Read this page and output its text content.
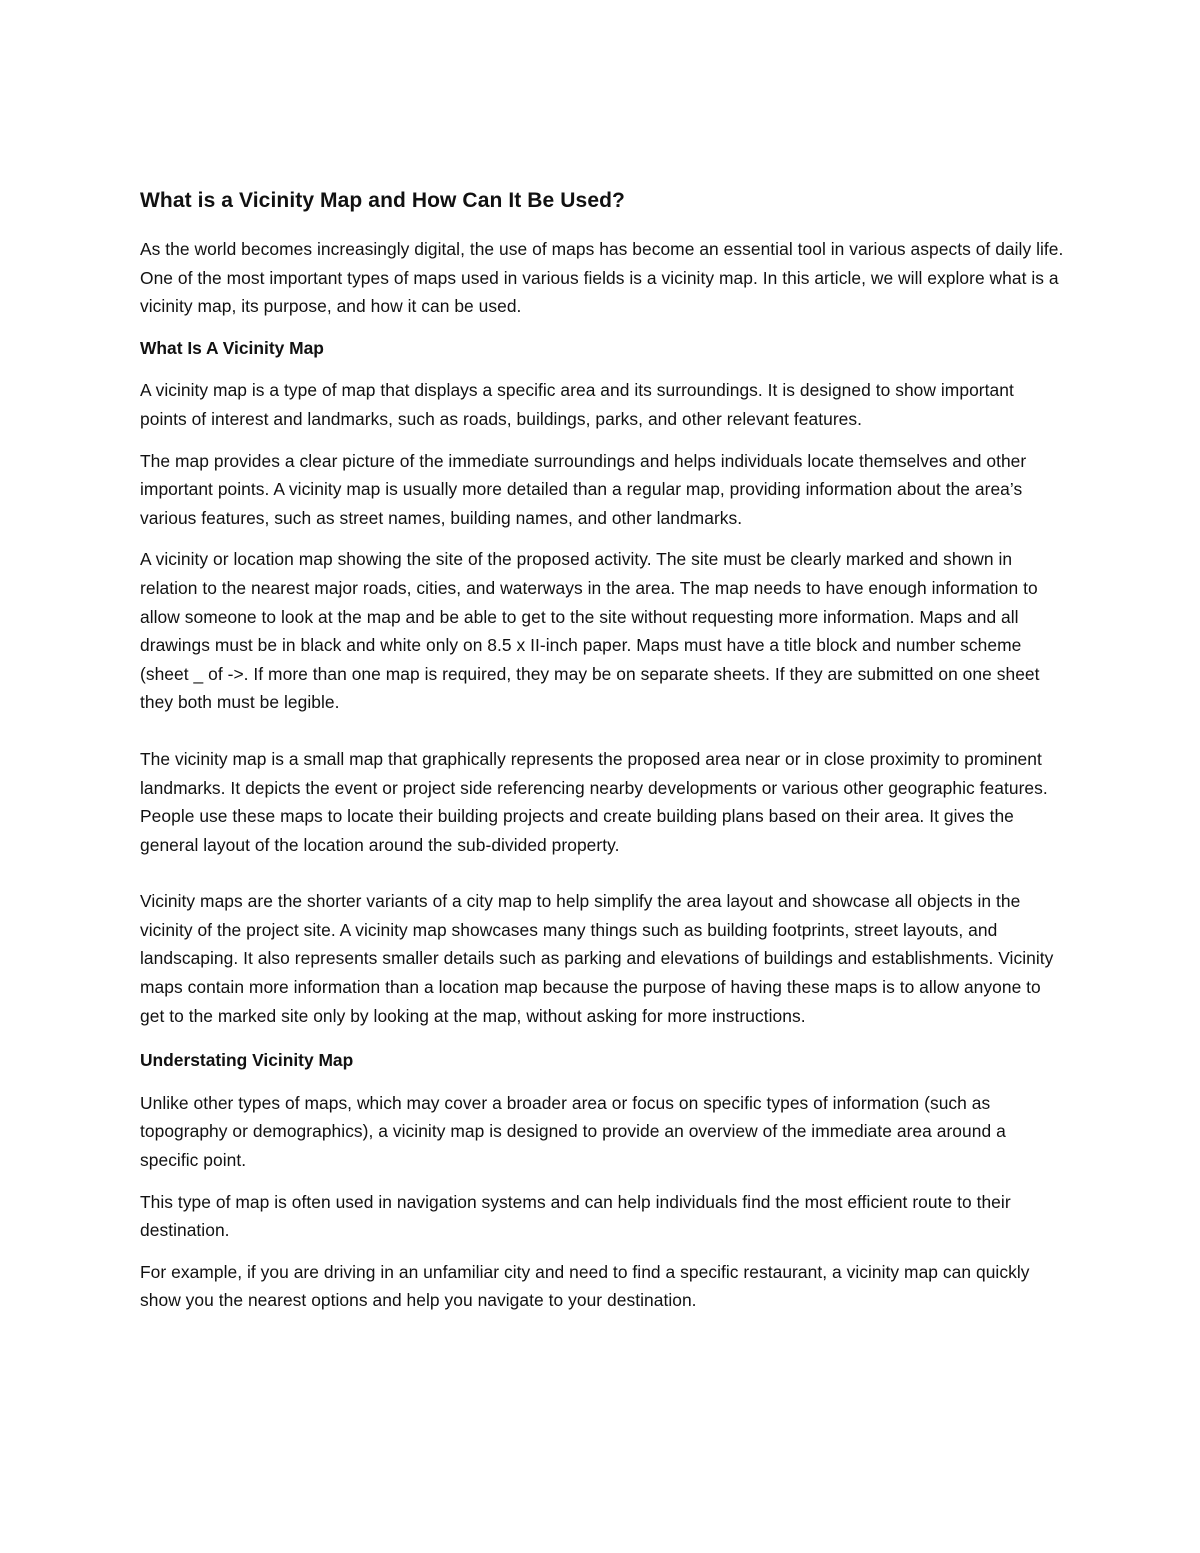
What is a Vicinity Map and How Can It Be Used?

As the world becomes increasingly digital, the use of maps has become an essential tool in various aspects of daily life. One of the most important types of maps used in various fields is a vicinity map. In this article, we will explore what is a vicinity map, its purpose, and how it can be used.

What Is A Vicinity Map

A vicinity map is a type of map that displays a specific area and its surroundings. It is designed to show important points of interest and landmarks, such as roads, buildings, parks, and other relevant features.

The map provides a clear picture of the immediate surroundings and helps individuals locate themselves and other important points. A vicinity map is usually more detailed than a regular map, providing information about the area’s various features, such as street names, building names, and other landmarks.

A vicinity or location map showing the site of the proposed activity. The site must be clearly marked and shown in relation to the nearest major roads, cities, and waterways in the area. The map needs to have enough information to allow someone to look at the map and be able to get to the site without requesting more information. Maps and all drawings must be in black and white only on 8.5 x II-inch paper. Maps must have a title block and number scheme (sheet _ of ->. If more than one map is required, they may be on separate sheets. If they are submitted on one sheet they both must be legible.

The vicinity map is a small map that graphically represents the proposed area near or in close proximity to prominent landmarks. It depicts the event or project side referencing nearby developments or various other geographic features. People use these maps to locate their building projects and create building plans based on their area. It gives the general layout of the location around the sub-divided property.

Vicinity maps are the shorter variants of a city map to help simplify the area layout and showcase all objects in the vicinity of the project site. A vicinity map showcases many things such as building footprints, street layouts, and landscaping. It also represents smaller details such as parking and elevations of buildings and establishments. Vicinity maps contain more information than a location map because the purpose of having these maps is to allow anyone to get to the marked site only by looking at the map, without asking for more instructions.

Understating Vicinity Map

Unlike other types of maps, which may cover a broader area or focus on specific types of information (such as topography or demographics), a vicinity map is designed to provide an overview of the immediate area around a specific point.

This type of map is often used in navigation systems and can help individuals find the most efficient route to their destination.

For example, if you are driving in an unfamiliar city and need to find a specific restaurant, a vicinity map can quickly show you the nearest options and help you navigate to your destination.
